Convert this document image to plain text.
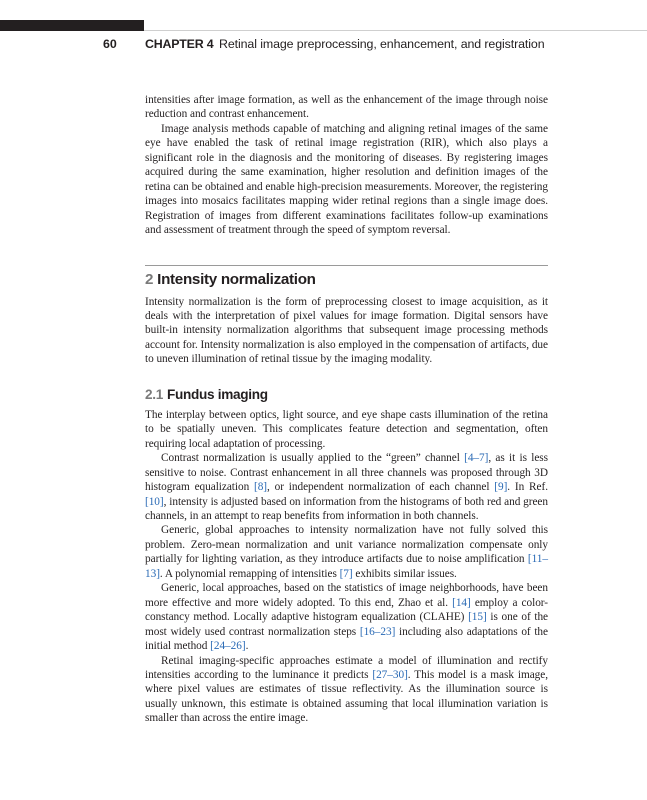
60 CHAPTER 4 Retinal image preprocessing, enhancement, and registration

intensities after image formation, as well as the enhancement of the image through noise reduction and contrast enhancement.

Image analysis methods capable of matching and aligning retinal images of the same eye have enabled the task of retinal image registration (RIR), which also plays a significant role in the diagnosis and the monitoring of diseases. By registering images acquired during the same examination, higher resolution and definition images of the retina can be obtained and enable high-precision measurements. Moreover, the registering images into mosaics facilitates mapping wider retinal regions than a single image does. Registration of images from different examinations facilitates follow-up examinations and assessment of treatment through the speed of symptom reversal.

2 Intensity normalization

Intensity normalization is the form of preprocessing closest to image acquisition, as it deals with the interpretation of pixel values for image formation. Digital sensors have built-in intensity normalization algorithms that subsequent image processing methods account for. Intensity normalization is also employed in the compensation of artifacts, due to uneven illumination of retinal tissue by the imaging modality.

2.1 Fundus imaging

The interplay between optics, light source, and eye shape casts illumination of the retina to be spatially uneven. This complicates feature detection and segmentation, often requiring local adaptation of processing.

Contrast normalization is usually applied to the “green” channel [4–7], as it is less sensitive to noise. Contrast enhancement in all three channels was proposed through 3D histogram equalization [8], or independent normalization of each channel [9]. In Ref. [10], intensity is adjusted based on information from the histograms of both red and green channels, in an attempt to reap benefits from information in both channels.

Generic, global approaches to intensity normalization have not fully solved this problem. Zero-mean normalization and unit variance normalization compensate only partially for lighting variation, as they introduce artifacts due to noise amplification [11–13]. A polynomial remapping of intensities [7] exhibits similar issues.

Generic, local approaches, based on the statistics of image neighborhoods, have been more effective and more widely adopted. To this end, Zhao et al. [14] employ a color-constancy method. Locally adaptive histogram equalization (CLAHE) [15] is one of the most widely used contrast normalization steps [16–23] including also adaptations of the initial method [24–26].

Retinal imaging-specific approaches estimate a model of illumination and rectify intensities according to the luminance it predicts [27–30]. This model is a mask image, where pixel values are estimates of tissue reflectivity. As the illumination source is usually unknown, this estimate is obtained assuming that local illumination variation is smaller than across the entire image.
